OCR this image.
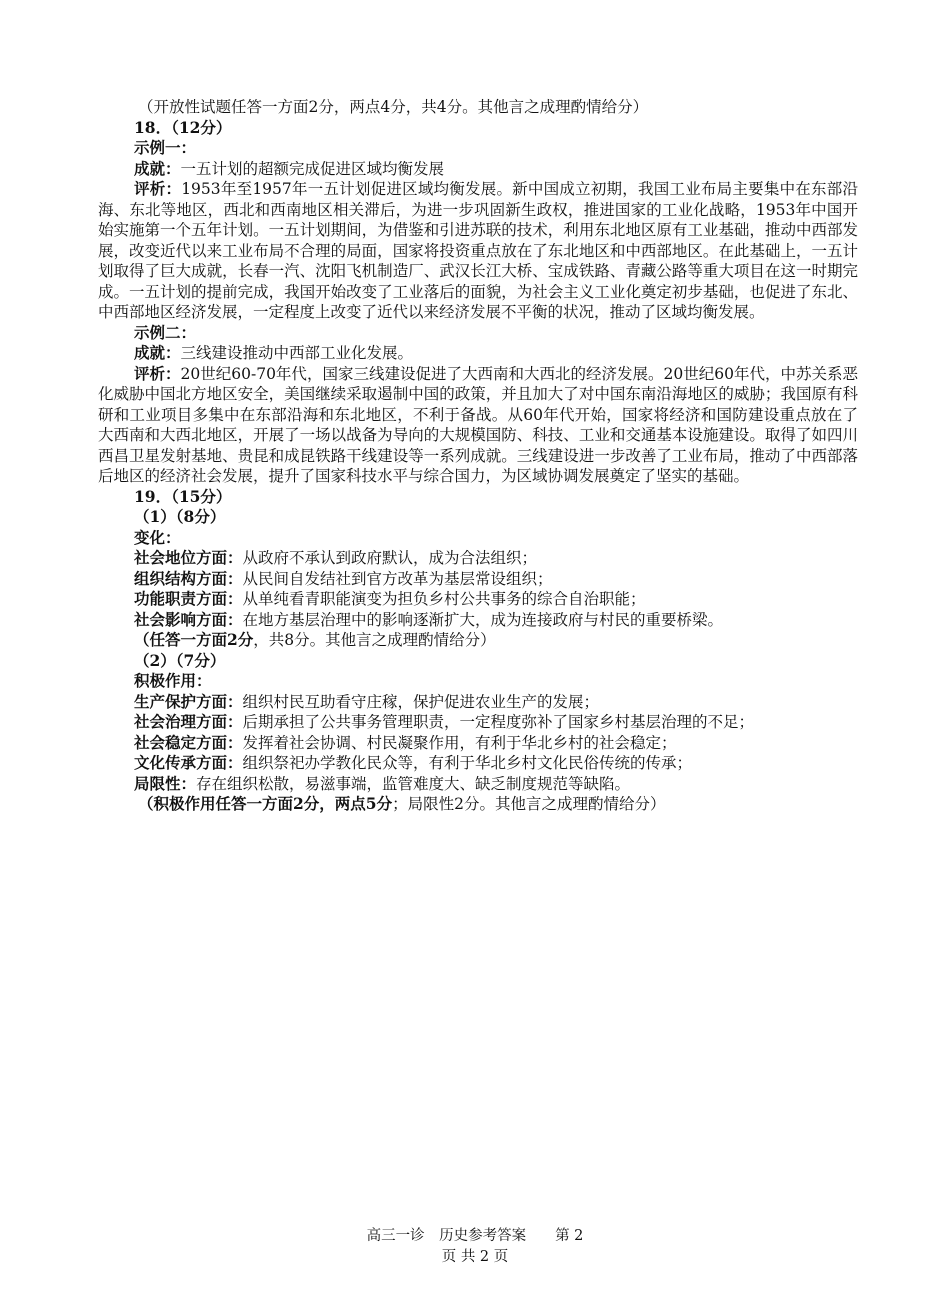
（开放性试题任答一方面2分，两点4分，共4分。其他言之成理酌情给分）

18．（12分）

示例一：

成就：一五计划的超额完成促进区域均衡发展

评析：1953年至1957年一五计划促进区域均衡发展。新中国成立初期，我国工业布局主要集中在东部沿海、东北等地区，西北和西南地区相关滞后，为进一步巩固新生政权，推进国家的工业化战略，1953年中国开始实施第一个五年计划。一五计划期间，为借鉴和引进苏联的技术，利用东北地区原有工业基础，推动中西部发展，改变近代以来工业布局不合理的局面，国家将投资重点放在了东北地区和中西部地区。在此基础上，一五计划取得了巨大成就，长春一汽、沈阳飞机制造厂、武汉长江大桥、宝成铁路、青藏公路等重大项目在这一时期完成。一五计划的提前完成，我国开始改变了工业落后的面貌，为社会主义工业化奠定初步基础，也促进了东北、中西部地区经济发展，一定程度上改变了近代以来经济发展不平衡的状况，推动了区域均衡发展。

示例二：

成就：三线建设推动中西部工业化发展。

评析：20世纪60-70年代，国家三线建设促进了大西南和大西北的经济发展。20世纪60年代，中苏关系恶化威胁中国北方地区安全，美国继续采取遏制中国的政策，并且加大了对中国东南沿海地区的威胁；我国原有科研和工业项目多集中在东部沿海和东北地区，不利于备战。从60年代开始，国家将经济和国防建设重点放在了大西南和大西北地区，开展了一场以战备为导向的大规模国防、科技、工业和交通基本设施建设。取得了如四川西昌卫星发射基地、贵昆和成昆铁路干线建设等一系列成就。三线建设进一步改善了工业布局，推动了中西部落后地区的经济社会发展，提升了国家科技水平与综合国力，为区域协调发展奠定了坚实的基础。

19．（15分）

（1）（8分）

变化：

社会地位方面：从政府不承认到政府默认，成为合法组织；

组织结构方面：从民间自发结社到官方改革为基层常设组织；

功能职责方面：从单纯看青职能演变为担负乡村公共事务的综合自治职能；

社会影响方面：在地方基层治理中的影响逐渐扩大，成为连接政府与村民的重要桥梁。

（任答一方面2分，共8分。其他言之成理酌情给分）

（2）（7分）

积极作用：

生产保护方面：组织村民互助看守庄稼，保护促进农业生产的发展；

社会治理方面：后期承担了公共事务管理职责，一定程度弥补了国家乡村基层治理的不足；

社会稳定方面：发挥着社会协调、村民凝聚作用，有利于华北乡村的社会稳定；

文化传承方面：组织祭祀办学教化民众等，有利于华北乡村文化民俗传统的传承；

局限性：存在组织松散，易滋事端，监管难度大、缺乏制度规范等缺陷。

（积极作用任答一方面2分，两点5分；局限性2分。其他言之成理酌情给分）

高三一诊　历史参考答案　　第 2
页 共 2 页
